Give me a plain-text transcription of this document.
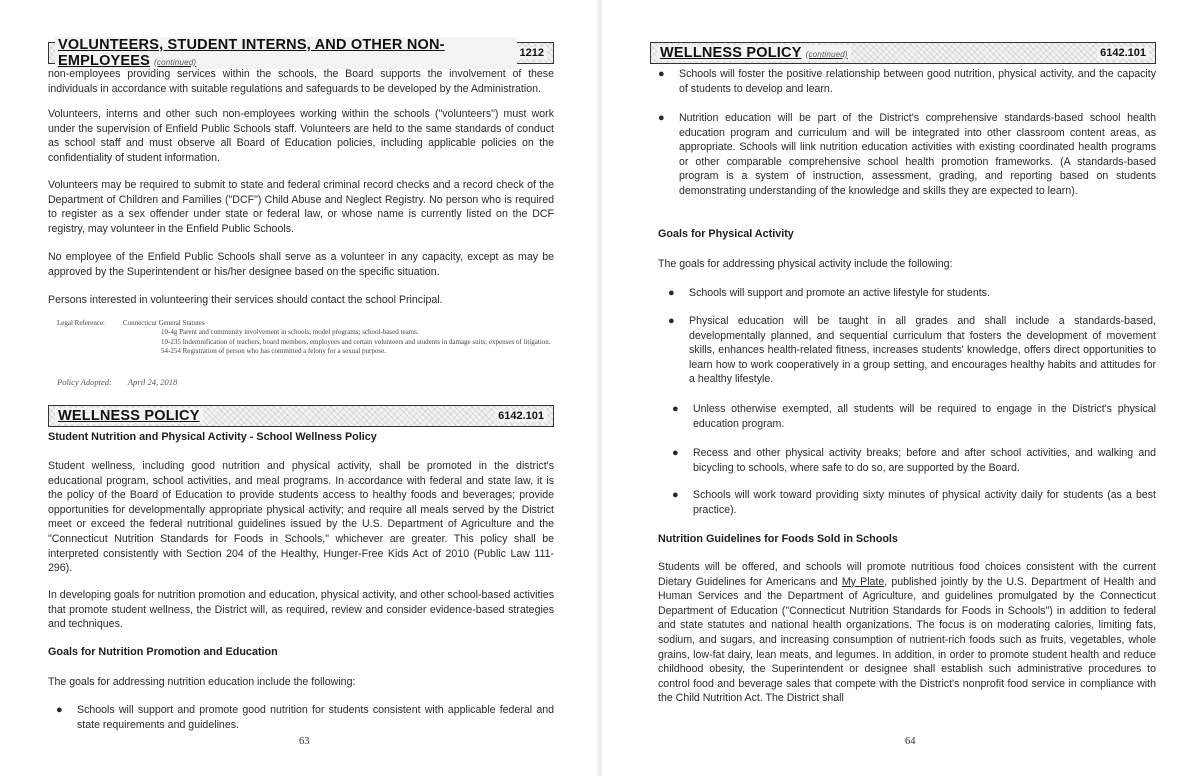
VOLUNTEERS, STUDENT INTERNS, AND OTHER NON-EMPLOYEES (continued)
1212

non-employees providing services within the schools, the Board supports the involvement of these individuals in accordance with suitable regulations and safeguards to be developed by the Administration.

Volunteers, interns and other such non-employees working within the schools ("volunteers") must work under the supervision of Enfield Public Schools staff. Volunteers are held to the same standards of conduct as school staff and must observe all Board of Education policies, including applicable policies on the confidentiality of student information.

Volunteers may be required to submit to state and federal criminal record checks and a record check of the Department of Children and Families ("DCF") Child Abuse and Neglect Registry. No person who is required to register as a sex offender under state or federal law, or whose name is currently listed on the DCF registry, may volunteer in the Enfield Public Schools.

No employee of the Enfield Public Schools shall serve as a volunteer in any capacity, except as may be approved by the Superintendent or his/her designee based on the specific situation.

Persons interested in volunteering their services should contact the school Principal.

Legal Reference:	Connecticut General Statutes
10-4g Parent and community involvement in schools; model programs; school-based teams.
10-235 Indemnification of teachers, board members, employees and certain volunteers and students in damage suits; expenses of litigation.
54-254 Registration of person who has committed a felony for a sexual purpose.
Policy Adopted: April 24, 2018
WELLNESS POLICY	6142.101

Student Nutrition and Physical Activity - School Wellness Policy

Student wellness, including good nutrition and physical activity, shall be promoted in the district's educational program, school activities, and meal programs. In accordance with federal and state law, it is the policy of the Board of Education to provide students access to healthy foods and beverages; provide opportunities for developmentally appropriate physical activity; and require all meals served by the District meet or exceed the federal nutritional guidelines issued by the U.S. Department of Agriculture and the "Connecticut Nutrition Standards for Foods in Schools," whichever are greater. This policy shall be interpreted consistently with Section 204 of the Healthy, Hunger-Free Kids Act of 2010 (Public Law 111-296).

In developing goals for nutrition promotion and education, physical activity, and other school-based activities that promote student wellness, the District will, as required, review and consider evidence-based strategies and techniques.

Goals for Nutrition Promotion and Education

The goals for addressing nutrition education include the following:

● Schools will support and promote good nutrition for students consistent with applicable federal and state requirements and guidelines.
63
WELLNESS POLICY (continued)	6142.101
● Schools will foster the positive relationship between good nutrition, physical activity, and the capacity of students to develop and learn.
● Nutrition education will be part of the District's comprehensive standards-based school health education program and curriculum and will be integrated into other classroom content areas, as appropriate. Schools will link nutrition education activities with existing coordinated health programs or other comparable comprehensive school health promotion frameworks. (A standards-based program is a system of instruction, assessment, grading, and reporting based on students demonstrating understanding of the knowledge and skills they are expected to learn).

Goals for Physical Activity

The goals for addressing physical activity include the following:

● Schools will support and promote an active lifestyle for students.
● Physical education will be taught in all grades and shall include a standards-based, developmentally planned, and sequential curriculum that fosters the development of movement skills, enhances health-related fitness, increases students' knowledge, offers direct opportunities to learn how to work cooperatively in a group setting, and encourages healthy habits and attitudes for a healthy lifestyle.
● Unless otherwise exempted, all students will be required to engage in the District's physical education program.
● Recess and other physical activity breaks; before and after school activities, and walking and bicycling to schools, where safe to do so, are supported by the Board.
● Schools will work toward providing sixty minutes of physical activity daily for students (as a best practice).

Nutrition Guidelines for Foods Sold in Schools

Students will be offered, and schools will promote nutritious food choices consistent with the current Dietary Guidelines for Americans and My Plate, published jointly by the U.S. Department of Health and Human Services and the Department of Agriculture, and guidelines promulgated by the Connecticut Department of Education ("Connecticut Nutrition Standards for Foods in Schools") in addition to federal and state statutes and national health organizations. The focus is on moderating calories, limiting fats, sodium, and sugars, and increasing consumption of nutrient-rich foods such as fruits, vegetables, whole grains, low-fat dairy, lean meats, and legumes. In addition, in order to promote student health and reduce childhood obesity, the Superintendent or designee shall establish such administrative procedures to control food and beverage sales that compete with the District's nonprofit food service in compliance with the Child Nutrition Act. The District shall

64
